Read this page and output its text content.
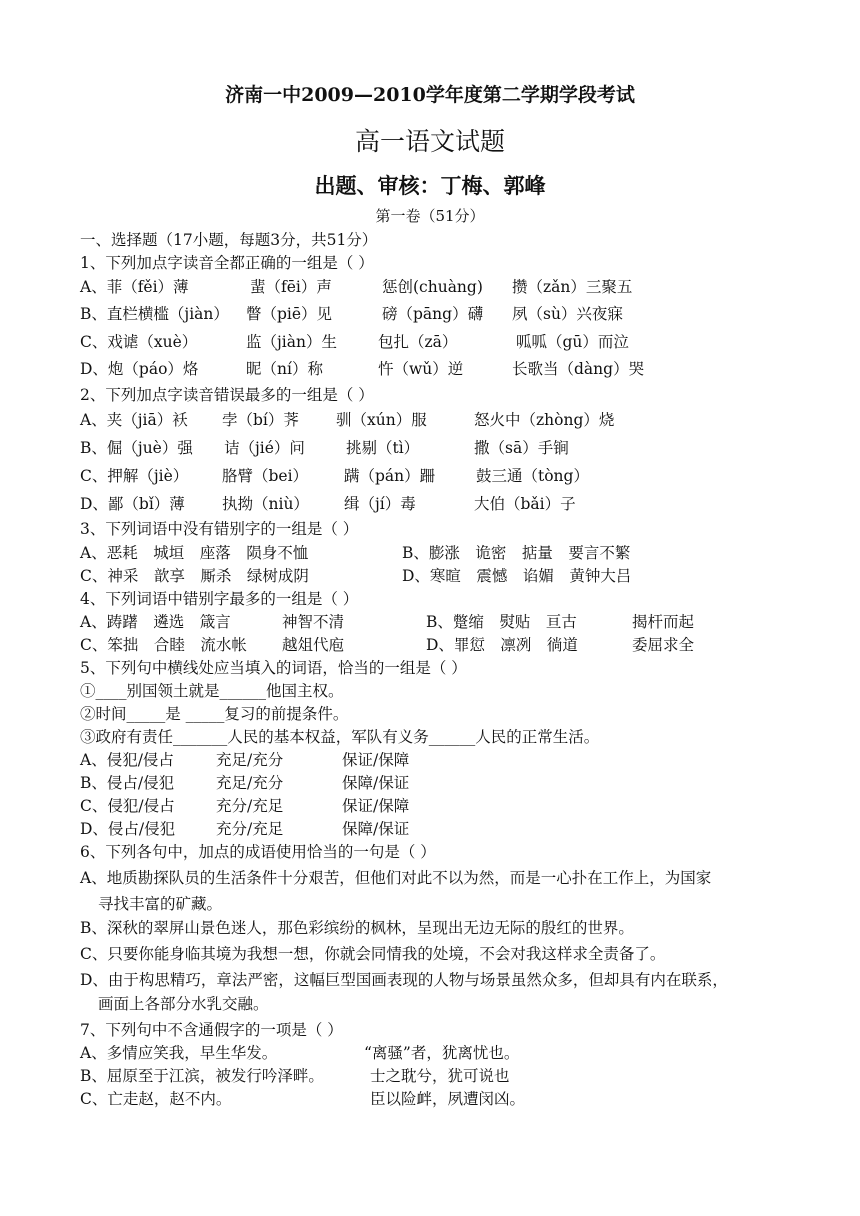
济南一中2009—2010学年度第二学期学段考试
高一语文试题
出题、审核：丁梅、郭峰
第一卷（51分）
一、选择题（17小题，每题3分，共51分）
1、下列加点字读音全都正确的一组是（ ）
A、菲（fěi）薄	蜚（fēi）声	惩创(chuàng) 攒（zǎn）三聚五
B、直栏横槛（jiàn） 瞥（piē）见	磅（pāng）礴 夙（sù）兴夜寐
C、戏谑（xuè）	监（jiàn）生	包扎（zā）	呱呱（gū）而泣
D、炮（páo）烙	昵（ní）称	忤（wǔ）逆	长歌当（dàng）哭
2、下列加点字读音错误最多的一组是（ ）
A、夹（jiā）袄 孛（bí）荠 驯（xún）服	怒火中（zhòng）烧
B、倔（juè）强 诘（jié）问	挑剔（tì）	撒（sā）手锏
C、押解（jiè） 胳臂（bei） 蹒（pán）跚	鼓三通（tòng）
D、鄙（bǐ）薄 执拗（niù） 缉（jí）毒	大伯（bǎi）子
3、下列词语中没有错别字的一组是（ ）
A、恶耗　城垣　座落　陨身不恤	B、膨涨　诡密　掂量　要言不繁
C、神采　歆享　厮杀　绿树成阴	D、寒暄　震憾　谄媚　黄钟大吕
4、下列词语中错别字最多的一组是（ ）
A、踌躇　遴选　箴言	神智不清	B、蹩缩　熨贴　亘古	揭杆而起
C、笨拙　合睦　流水帐 越俎代庖	D、罪愆　凛冽　徜道	委屈求全
5、下列句中横线处应当填入的词语，恰当的一组是（ ）
①____别国领土就是______他国主权。
②时间_____是 _____复习的前提条件。
③政府有责任_______人民的基本权益，军队有义务______人民的正常生活。
A、侵犯/侵占	充足/充分	保证/保障
B、侵占/侵犯	充足/充分	保障/保证
C、侵犯/侵占	充分/充足	保证/保障
D、侵占/侵犯	充分/充足	保障/保证
6、下列各句中，加点的成语使用恰当的一句是（ ）
A、地质勘探队员的生活条件十分艰苦，但他们对此不以为然，而是一心扑在工作上，为国家
寻找丰富的矿藏。
B、深秋的翠屏山景色迷人，那色彩缤纷的枫林，呈现出无边无际的殷红的世界。
C、只要你能身临其境为我想一想，你就会同情我的处境，不会对我这样求全责备了。
D、由于构思精巧，章法严密，这幅巨型国画表现的人物与场景虽然众多，但却具有内在联系，
画面上各部分水乳交融。
7、下列句中不含通假字的一项是（ ）
A、多情应笑我，早生华发。	“离骚”者，犹离忧也。
B、屈原至于江滨，被发行吟泽畔。	士之耽兮，犹可说也
C、亡走赵，赵不内。	臣以险衅，夙遭闵凶。
